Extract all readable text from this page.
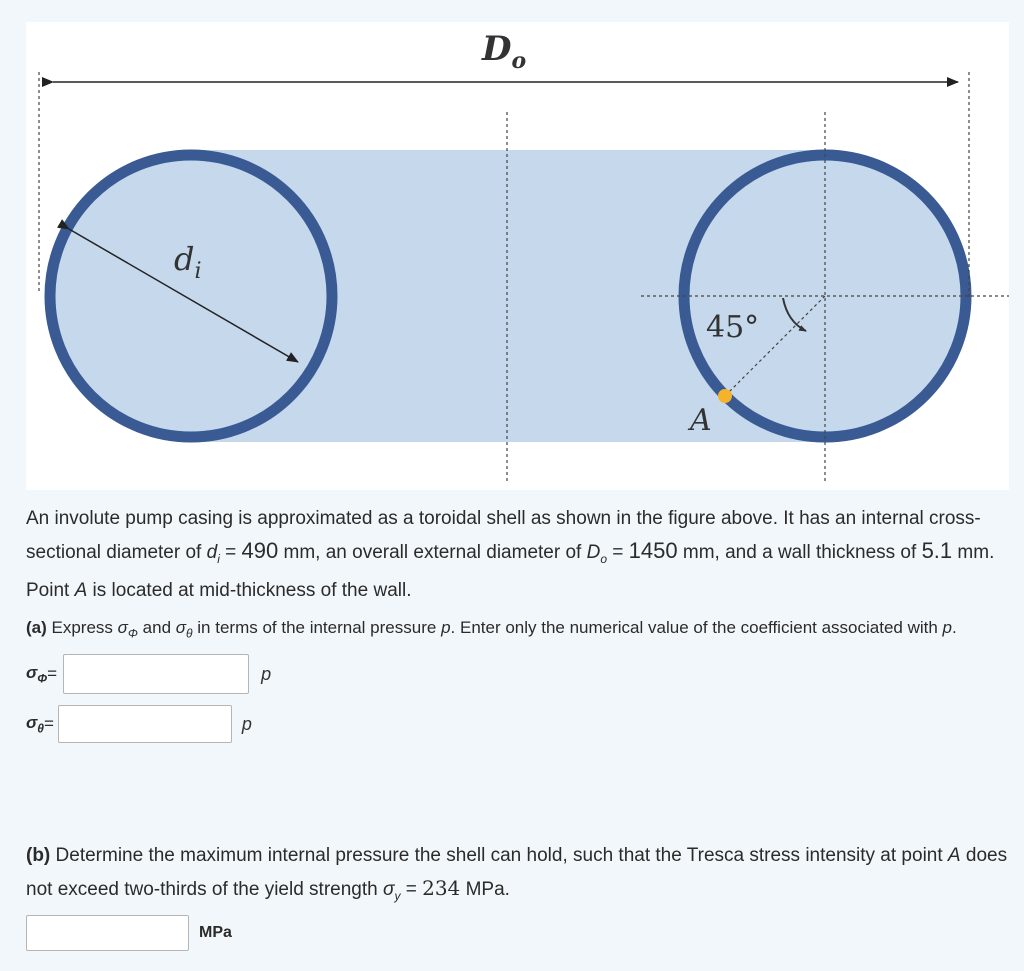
$D_o$
$d_i$
45°
A
An involute pump casing is approximated as a toroidal shell as shown in the figure above. It has an internal cross-sectional diameter of $d_i = 490$ mm, an overall external diameter of $D_o = 1450$ mm, and a wall thickness of 5.1 mm. Point A is located at mid-thickness of the wall.
(a) Express $\sigma_\Phi$ and $\sigma_\theta$ in terms of the internal pressure p. Enter only the numerical value of the coefficient associated with p.
$\sigma_\Phi$ =	p
$\sigma_\theta$ =	p
(b) Determine the maximum internal pressure the shell can hold, such that the Tresca stress intensity at point A does not exceed two-thirds of the yield strength $\sigma_y = 234$ MPa.
MPa
